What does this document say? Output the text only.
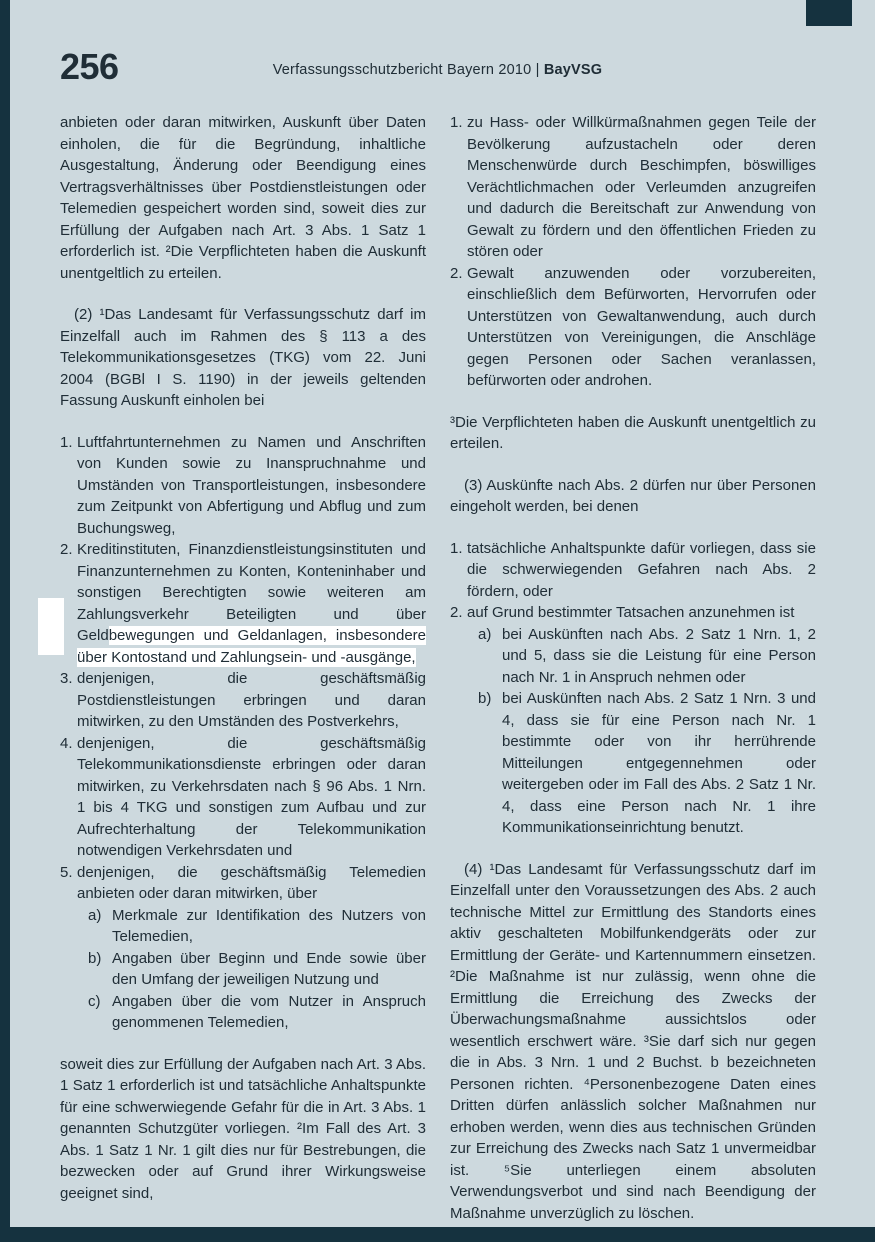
256	Verfassungsschutzbericht Bayern 2010 | BayVSG

anbieten oder daran mitwirken, Auskunft über Daten einholen, die für die Begründung, inhaltliche Ausgestaltung, Änderung oder Beendigung eines Vertragsverhältnisses über Postdienstleistungen oder Telemedien gespeichert worden sind, soweit dies zur Erfüllung der Aufgaben nach Art. 3 Abs. 1 Satz 1 erforderlich ist. ²Die Verpflichteten haben die Auskunft unentgeltlich zu erteilen.

(2) ¹Das Landesamt für Verfassungsschutz darf im Einzelfall auch im Rahmen des § 113 a des Telekommunikationsgesetzes (TKG) vom 22. Juni 2004 (BGBl I S. 1190) in der jeweils geltenden Fassung Auskunft einholen bei

1. Luftfahrtunternehmen zu Namen und Anschriften von Kunden sowie zu Inanspruchnahme und Umständen von Transportleistungen, insbesondere zum Zeitpunkt von Abfertigung und Abflug und zum Buchungsweg,
2. Kreditinstituten, Finanzdienstleistungsinstituten und Finanzunternehmen zu Konten, Konteninhaber und sonstigen Berechtigten sowie weiteren am Zahlungsverkehr Beteiligten und über Geldbewegungen und Geldanlagen, insbesondere über Kontostand und Zahlungsein- und -ausgänge,
3. denjenigen, die geschäftsmäßig Postdienstleistungen erbringen und daran mitwirken, zu den Umständen des Postverkehrs,
4. denjenigen, die geschäftsmäßig Telekommunikationsdienste erbringen oder daran mitwirken, zu Verkehrsdaten nach § 96 Abs. 1 Nrn. 1 bis 4 TKG und sonstigen zum Aufbau und zur Aufrechterhaltung der Telekommunikation notwendigen Verkehrsdaten und
5. denjenigen, die geschäftsmäßig Telemedien anbieten oder daran mitwirken, über
a) Merkmale zur Identifikation des Nutzers von Telemedien,
b) Angaben über Beginn und Ende sowie über den Umfang der jeweiligen Nutzung und
c) Angaben über die vom Nutzer in Anspruch genommenen Telemedien,

soweit dies zur Erfüllung der Aufgaben nach Art. 3 Abs. 1 Satz 1 erforderlich ist und tatsächliche Anhaltspunkte für eine schwerwiegende Gefahr für die in Art. 3 Abs. 1 genannten Schutzgüter vorliegen. ²Im Fall des Art. 3 Abs. 1 Satz 1 Nr. 1 gilt dies nur für Bestrebungen, die bezwecken oder auf Grund ihrer Wirkungsweise geeignet sind,

1. zu Hass- oder Willkürmaßnahmen gegen Teile der Bevölkerung aufzustacheln oder deren Menschenwürde durch Beschimpfen, böswilliges Verächtlichmachen oder Verleumden anzugreifen und dadurch die Bereitschaft zur Anwendung von Gewalt zu fördern und den öffentlichen Frieden zu stören oder
2. Gewalt anzuwenden oder vorzubereiten, einschließlich dem Befürworten, Hervorrufen oder Unterstützen von Gewaltanwendung, auch durch Unterstützen von Vereinigungen, die Anschläge gegen Personen oder Sachen veranlassen, befürworten oder androhen.

³Die Verpflichteten haben die Auskunft unentgeltlich zu erteilen.

(3) Auskünfte nach Abs. 2 dürfen nur über Personen eingeholt werden, bei denen

1. tatsächliche Anhaltspunkte dafür vorliegen, dass sie die schwerwiegenden Gefahren nach Abs. 2 fördern, oder
2. auf Grund bestimmter Tatsachen anzunehmen ist
a) bei Auskünften nach Abs. 2 Satz 1 Nrn. 1, 2 und 5, dass sie die Leistung für eine Person nach Nr. 1 in Anspruch nehmen oder
b) bei Auskünften nach Abs. 2 Satz 1 Nrn. 3 und 4, dass sie für eine Person nach Nr. 1 bestimmte oder von ihr herrührende Mitteilungen entgegennehmen oder weitergeben oder im Fall des Abs. 2 Satz 1 Nr. 4, dass eine Person nach Nr. 1 ihre Kommunikationseinrichtung benutzt.

(4) ¹Das Landesamt für Verfassungsschutz darf im Einzelfall unter den Voraussetzungen des Abs. 2 auch technische Mittel zur Ermittlung des Standorts eines aktiv geschalteten Mobilfunkendgeräts oder zur Ermittlung der Geräte- und Kartennummern einsetzen. ²Die Maßnahme ist nur zulässig, wenn ohne die Ermittlung die Erreichung des Zwecks der Überwachungsmaßnahme aussichtslos oder wesentlich erschwert wäre. ³Sie darf sich nur gegen die in Abs. 3 Nrn. 1 und 2 Buchst. b bezeichneten Personen richten. ⁴Personenbezogene Daten eines Dritten dürfen anlässlich solcher Maßnahmen nur erhoben werden, wenn dies aus technischen Gründen zur Erreichung des Zwecks nach Satz 1 unvermeidbar ist. ⁵Sie unterliegen einem absoluten Verwendungsverbot und sind nach Beendigung der Maßnahme unverzüglich zu löschen.
